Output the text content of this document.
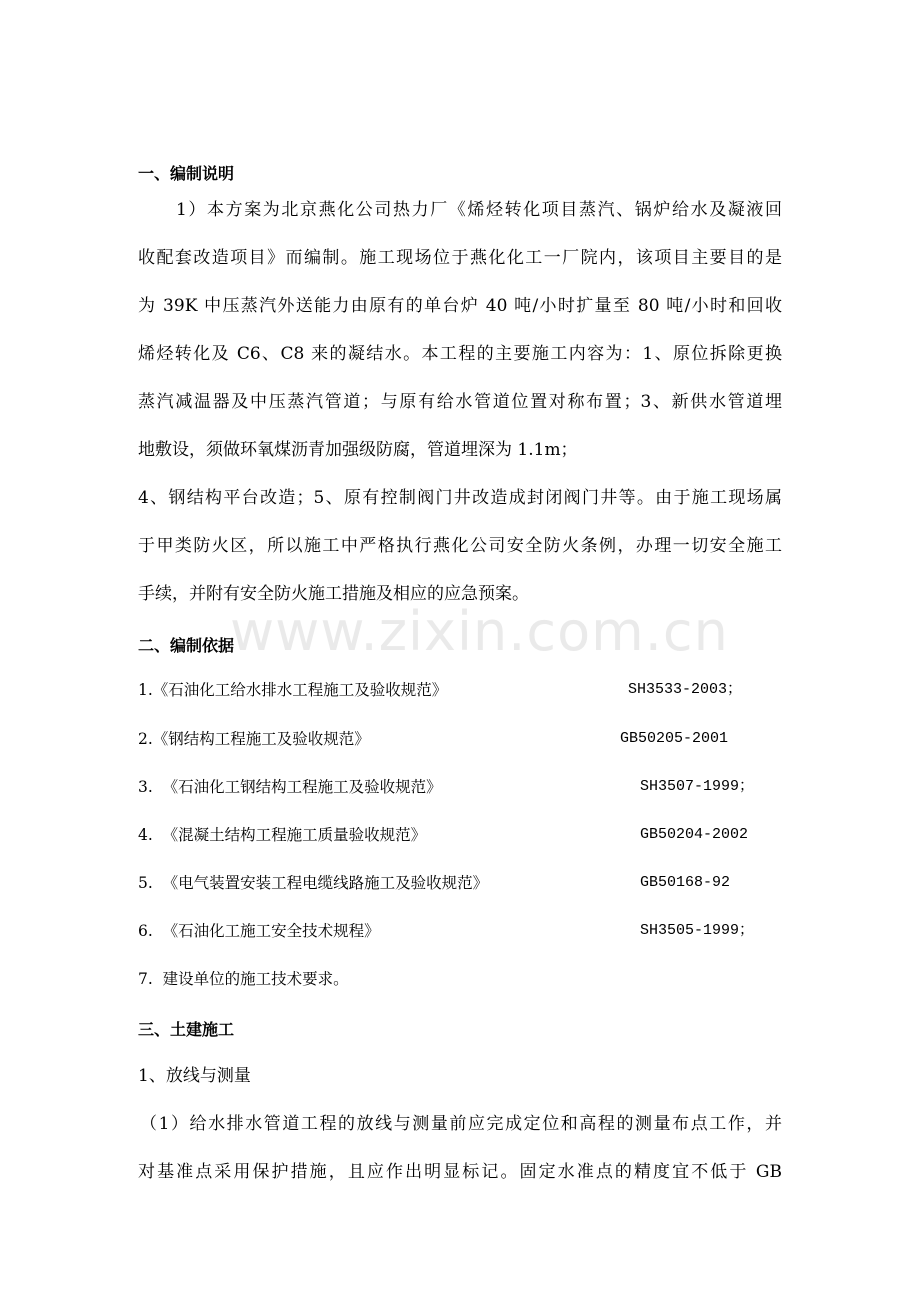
一、编制说明
1）本方案为北京燕化公司热力厂《烯烃转化项目蒸汽、锅炉给水及凝液回
收配套改造项目》而编制。施工现场位于燕化化工一厂院内，该项目主要目的是
为 39K 中压蒸汽外送能力由原有的单台炉 40 吨/小时扩量至 80 吨/小时和回收
烯烃转化及 C6、C8 来的凝结水。本工程的主要施工内容为：1、原位拆除更换
蒸汽减温器及中压蒸汽管道；与原有给水管道位置对称布置；3、新供水管道埋
地敷设，须做环氧煤沥青加强级防腐，管道埋深为 1.1m；
4、钢结构平台改造；5、原有控制阀门井改造成封闭阀门井等。由于施工现场属
于甲类防火区，所以施工中严格执行燕化公司安全防火条例，办理一切安全施工
手续，并附有安全防火施工措施及相应的应急预案。
www.zixin.com.cn
二、编制依据
1.《石油化工给水排水工程施工及验收规范》	SH3533-2003；
2.《钢结构工程施工及验收规范》	GB50205-2001
3. 《石油化工钢结构工程施工及验收规范》	SH3507-1999；
4. 《混凝土结构工程施工质量验收规范》	GB50204-2002
5. 《电气装置安装工程电缆线路施工及验收规范》	GB50168-92
6. 《石油化工施工安全技术规程》	SH3505-1999；
7. 建设单位的施工技术要求。
三、土建施工
1、放线与测量
（1）给水排水管道工程的放线与测量前应完成定位和高程的测量布点工作，并
对基准点采用保护措施，且应作出明显标记。固定水准点的精度宜不低于 GB
